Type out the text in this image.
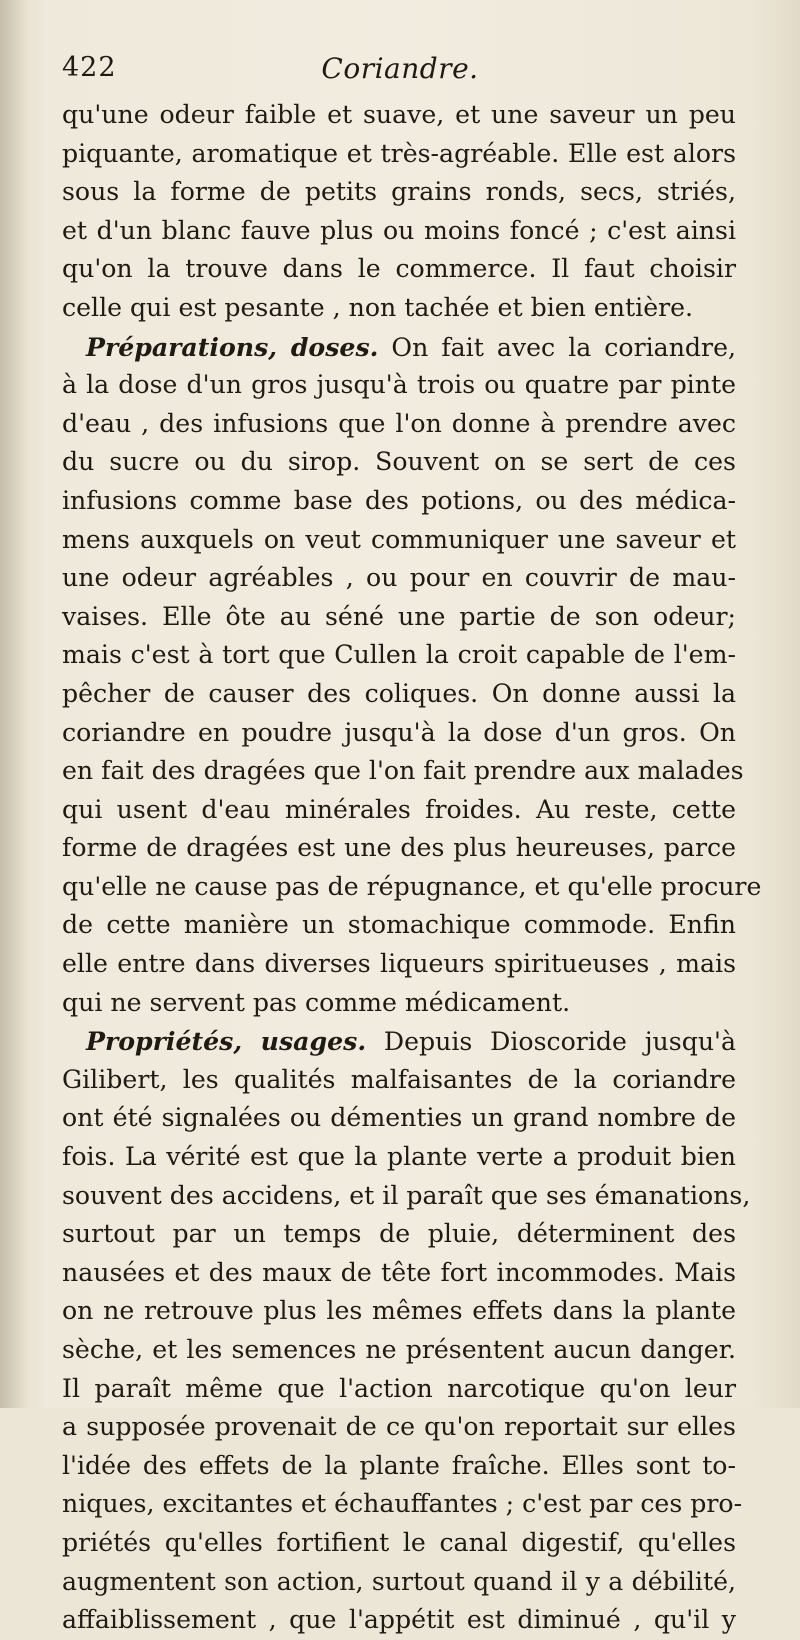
422	Coriandre.
qu'une odeur faible et suave, et une saveur un peu
piquante, aromatique et très-agréable. Elle est alors
sous la forme de petits grains ronds, secs, striés,
et d'un blanc fauve plus ou moins foncé ; c'est ainsi
qu'on la trouve dans le commerce. Il faut choisir
celle qui est pesante , non tachée et bien entière.
Préparations, doses. On fait avec la coriandre,
à la dose d'un gros jusqu'à trois ou quatre par pinte
d'eau , des infusions que l'on donne à prendre avec
du sucre ou du sirop. Souvent on se sert de ces
infusions comme base des potions, ou des médica-
mens auxquels on veut communiquer une saveur et
une odeur agréables , ou pour en couvrir de mau-
vaises. Elle ôte au séné une partie de son odeur;
mais c'est à tort que Cullen la croit capable de l'em-
pêcher de causer des coliques. On donne aussi la
coriandre en poudre jusqu'à la dose d'un gros. On
en fait des dragées que l'on fait prendre aux malades
qui usent d'eau minérales froides. Au reste, cette
forme de dragées est une des plus heureuses, parce
qu'elle ne cause pas de répugnance, et qu'elle procure
de cette manière un stomachique commode. Enfin
elle entre dans diverses liqueurs spiritueuses , mais
qui ne servent pas comme médicament.
Propriétés, usages. Depuis Dioscoride jusqu'à
Gilibert, les qualités malfaisantes de la coriandre
ont été signalées ou démenties un grand nombre de
fois. La vérité est que la plante verte a produit bien
souvent des accidens, et il paraît que ses émanations,
surtout par un temps de pluie, déterminent des
nausées et des maux de tête fort incommodes. Mais
on ne retrouve plus les mêmes effets dans la plante
sèche, et les semences ne présentent aucun danger.
Il paraît même que l'action narcotique qu'on leur
a supposée provenait de ce qu'on reportait sur elles
l'idée des effets de la plante fraîche. Elles sont to-
niques, excitantes et échauffantes ; c'est par ces pro-
priétés qu'elles fortifient le canal digestif, qu'elles
augmentent son action, surtout quand il y a débilité,
affaiblissement , que l'appétit est diminué , qu'il y
